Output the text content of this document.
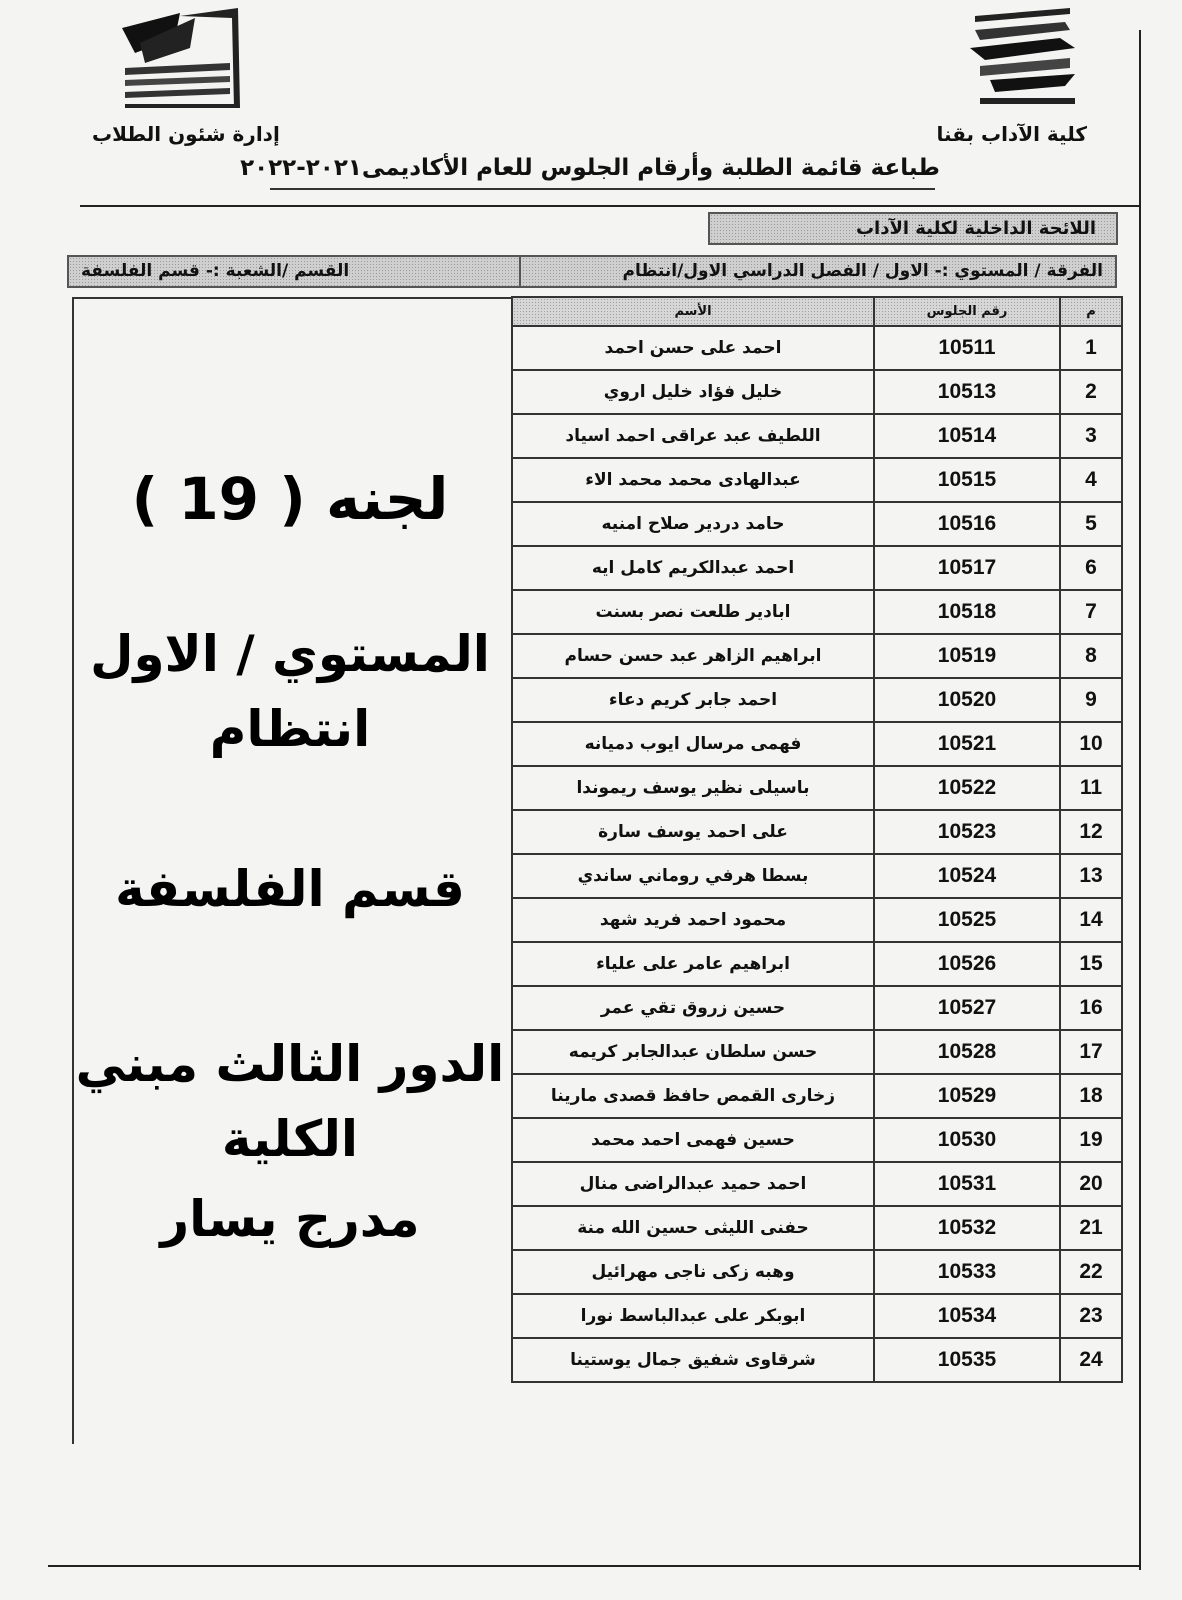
كلية الآداب بقنا
إدارة شئون الطلاب
طباعة قائمة الطلبة وأرقام الجلوس للعام الأكاديمى٢٠٢١-٢٠٢٢
اللائحة الداخلية لكلية الآداب
الفرقة / المستوي :- الاول / الفصل الدراسي الاول/انتظام
القسم /الشعبة :- قسم الفلسفة
لجنه ( 19 )
المستوي / الاول
انتظام
قسم الفلسفة
الدور الثالث مبني
الكلية
مدرج يسار
الأسم	رقم الجلوس	م
احمد على حسن احمد	10511	1
خليل فؤاد خليل اروي	10513	2
اللطيف عبد عراقى احمد اسياد	10514	3
عبدالهادى محمد محمد الاء	10515	4
حامد دردير صلاح امنيه	10516	5
احمد عبدالكريم كامل ايه	10517	6
ابادير طلعت نصر بسنت	10518	7
ابراهيم الزاهر عبد حسن حسام	10519	8
احمد جابر كريم دعاء	10520	9
فهمى مرسال ايوب دميانه	10521	10
باسيلى نظير يوسف ريموندا	10522	11
على احمد يوسف سارة	10523	12
بسطا هرفي روماني ساندي	10524	13
محمود احمد فريد شهد	10525	14
ابراهيم عامر على علياء	10526	15
حسين زروق تقي عمر	10527	16
حسن سلطان عبدالجابر كريمه	10528	17
زخارى القمص حافظ قصدى مارينا	10529	18
حسين فهمى احمد محمد	10530	19
احمد حميد عبدالراضى منال	10531	20
حفنى الليثى حسين الله منة	10532	21
وهبه زكى ناجى مهرائيل	10533	22
ابوبكر على عبدالباسط نورا	10534	23
شرقاوى شفيق جمال يوستينا	10535	24
